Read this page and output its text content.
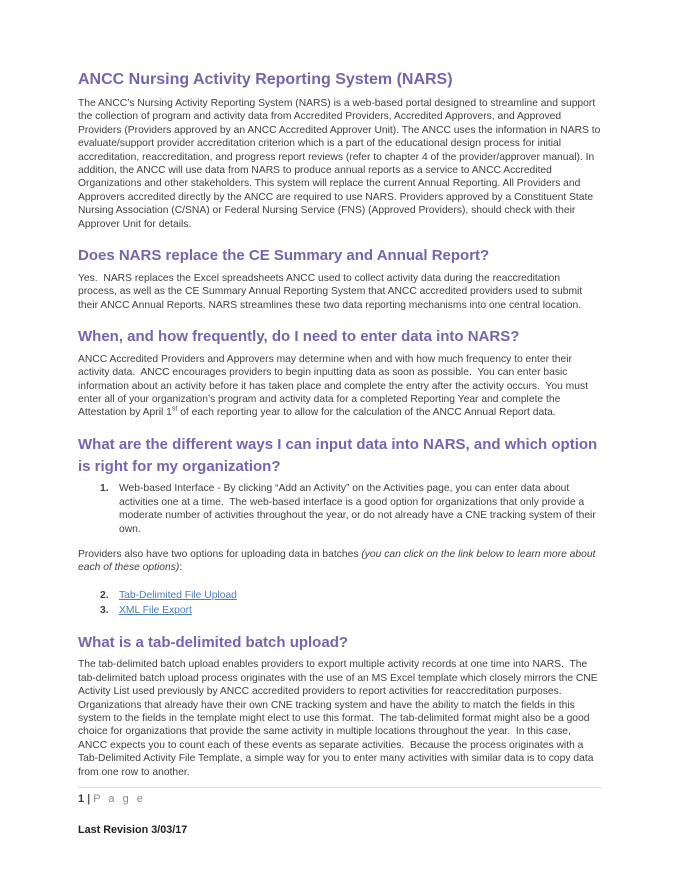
ANCC Nursing Activity Reporting System (NARS)

The ANCC’s Nursing Activity Reporting System (NARS) is a web-based portal designed to streamline and support the collection of program and activity data from Accredited Providers, Accredited Approvers, and Approved Providers (Providers approved by an ANCC Accredited Approver Unit). The ANCC uses the information in NARS to evaluate/support provider accreditation criterion which is a part of the educational design process for initial accreditation, reaccreditation, and progress report reviews (refer to chapter 4 of the provider/approver manual). In addition, the ANCC will use data from NARS to produce annual reports as a service to ANCC Accredited Organizations and other stakeholders. This system will replace the current Annual Reporting. All Providers and Approvers accredited directly by the ANCC are required to use NARS. Providers approved by a Constituent State Nursing Association (C/SNA) or Federal Nursing Service (FNS) (Approved Providers), should check with their Approver Unit for details.

Does NARS replace the CE Summary and Annual Report?

Yes.  NARS replaces the Excel spreadsheets ANCC used to collect activity data during the reaccreditation process, as well as the CE Summary Annual Reporting System that ANCC accredited providers used to submit their ANCC Annual Reports. NARS streamlines these two data reporting mechanisms into one central location.

When, and how frequently, do I need to enter data into NARS?

ANCC Accredited Providers and Approvers may determine when and with how much frequency to enter their activity data.  ANCC encourages providers to begin inputting data as soon as possible.  You can enter basic information about an activity before it has taken place and complete the entry after the activity occurs.  You must enter all of your organization’s program and activity data for a completed Reporting Year and complete the Attestation by April 1st of each reporting year to allow for the calculation of the ANCC Annual Report data.

What are the different ways I can input data into NARS, and which option is right for my organization?
1.	Web-based Interface - By clicking “Add an Activity” on the Activities page, you can enter data about activities one at a time.  The web-based interface is a good option for organizations that only provide a moderate number of activities throughout the year, or do not already have a CNE tracking system of their own.

Providers also have two options for uploading data in batches (you can click on the link below to learn more about each of these options):

2.	Tab-Delimited File Upload
3.	XML File Export
What is a tab-delimited batch upload?

The tab-delimited batch upload enables providers to export multiple activity records at one time into NARS.  The tab-delimited batch upload process originates with the use of an MS Excel template which closely mirrors the CNE Activity List used previously by ANCC accredited providers to report activities for reaccreditation purposes. Organizations that already have their own CNE tracking system and have the ability to match the fields in this system to the fields in the template might elect to use this format.  The tab-delimited format might also be a good choice for organizations that provide the same activity in multiple locations throughout the year.  In this case, ANCC expects you to count each of these events as separate activities.  Because the process originates with a Tab-Delimited Activity File Template, a simple way for you to enter many activities with similar data is to copy data from one row to another.

1 | P a g e
Last Revision 3/03/17
